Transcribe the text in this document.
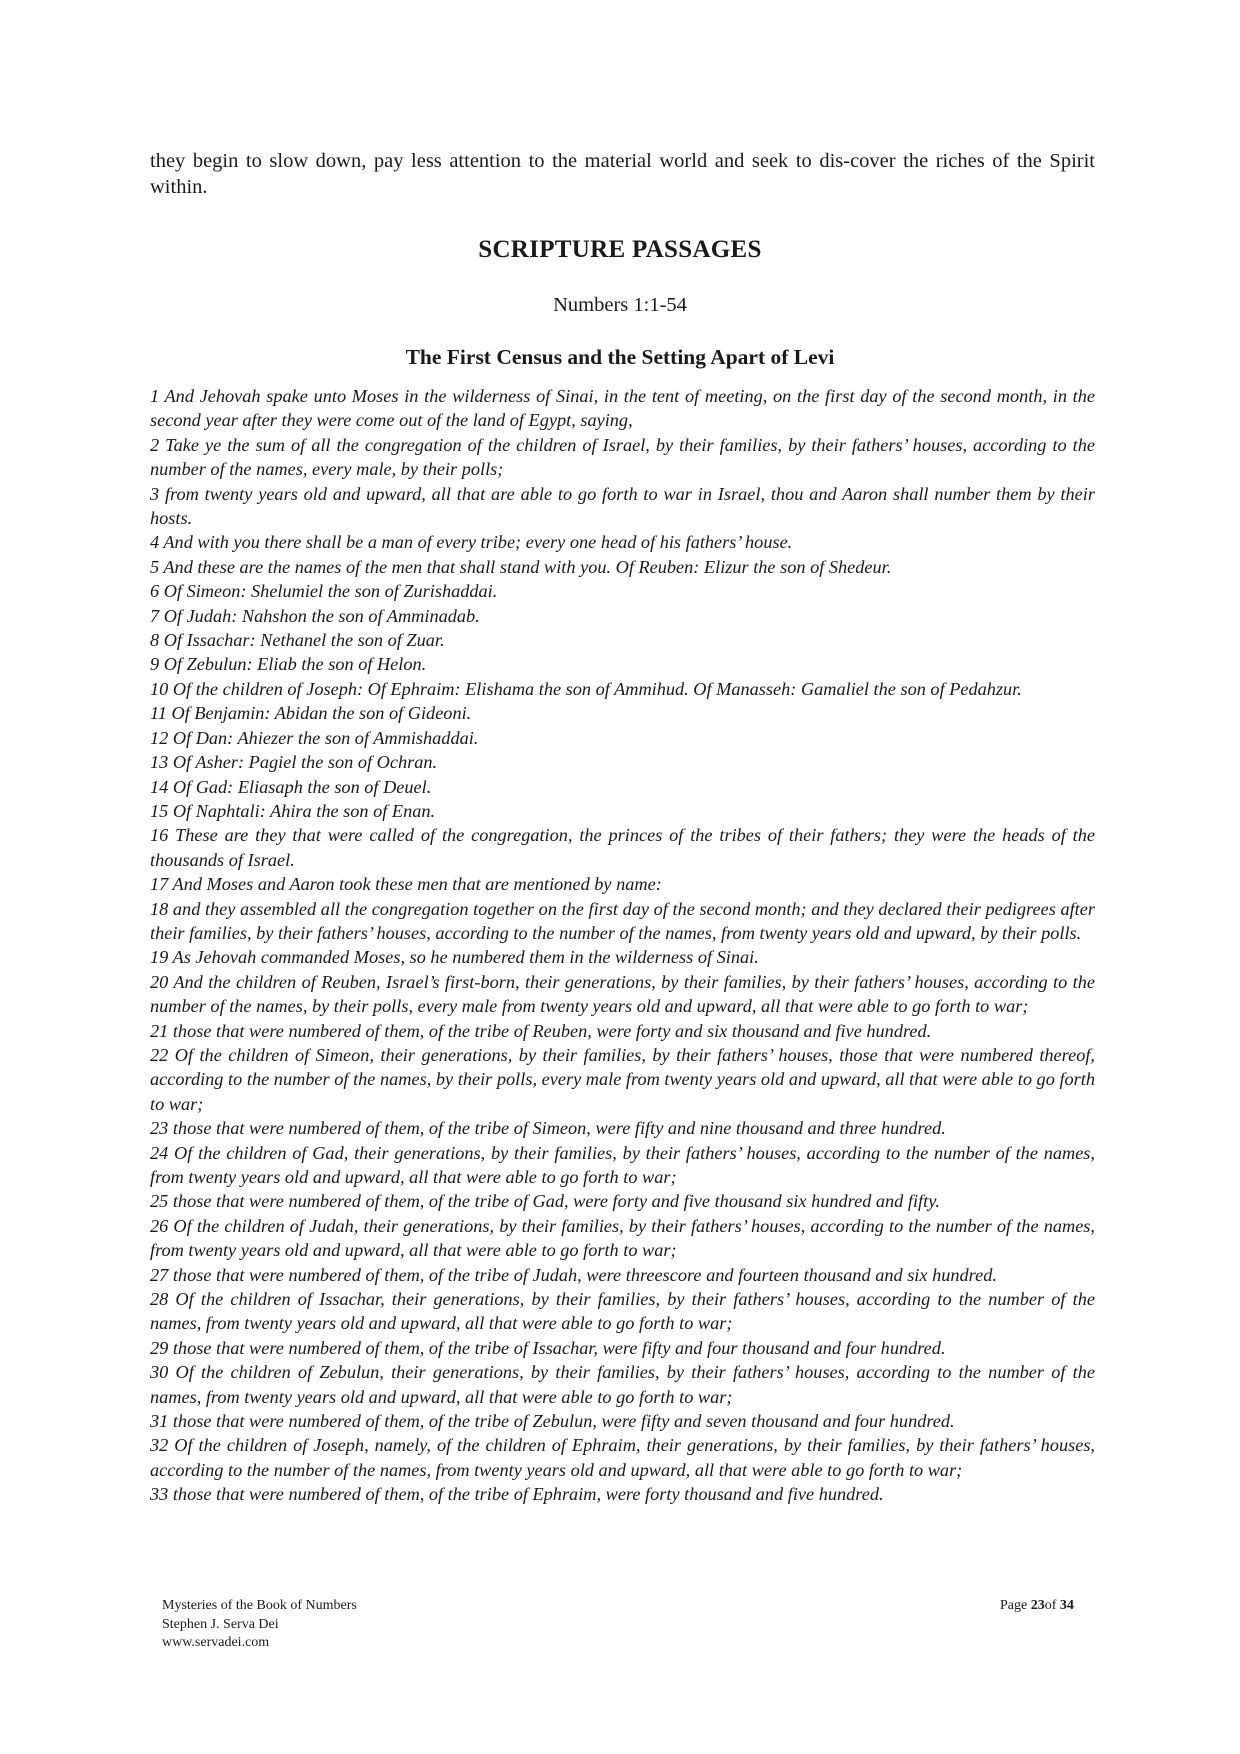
they begin to slow down, pay less attention to the material world and seek to dis-cover the riches of the Spirit within.

SCRIPTURE PASSAGES
Numbers 1:1-54
The First Census and the Setting Apart of Levi
1 And Jehovah spake unto Moses in the wilderness of Sinai, in the tent of meeting, on the first day of the second month, in the second year after they were come out of the land of Egypt, saying,
2 Take ye the sum of all the congregation of the children of Israel, by their families, by their fathers’ houses, according to the number of the names, every male, by their polls;
3 from twenty years old and upward, all that are able to go forth to war in Israel, thou and Aaron shall number them by their hosts.
4 And with you there shall be a man of every tribe; every one head of his fathers’ house.
5 And these are the names of the men that shall stand with you. Of Reuben: Elizur the son of Shedeur.
6 Of Simeon: Shelumiel the son of Zurishaddai.
7 Of Judah: Nahshon the son of Amminadab.
8 Of Issachar: Nethanel the son of Zuar.
9 Of Zebulun: Eliab the son of Helon.
10 Of the children of Joseph: Of Ephraim: Elishama the son of Ammihud. Of Manasseh: Gamaliel the son of Pedahzur.
11 Of Benjamin: Abidan the son of Gideoni.
12 Of Dan: Ahiezer the son of Ammishaddai.
13 Of Asher: Pagiel the son of Ochran.
14 Of Gad: Eliasaph the son of Deuel.
15 Of Naphtali: Ahira the son of Enan.
16 These are they that were called of the congregation, the princes of the tribes of their fathers; they were the heads of the thousands of Israel.
17 And Moses and Aaron took these men that are mentioned by name:
18 and they assembled all the congregation together on the first day of the second month; and they declared their pedigrees after their families, by their fathers’ houses, according to the number of the names, from twenty years old and upward, by their polls.
19 As Jehovah commanded Moses, so he numbered them in the wilderness of Sinai.
20 And the children of Reuben, Israel’s first-born, their generations, by their families, by their fathers’ houses, according to the number of the names, by their polls, every male from twenty years old and upward, all that were able to go forth to war;
21 those that were numbered of them, of the tribe of Reuben, were forty and six thousand and five hundred.
22 Of the children of Simeon, their generations, by their families, by their fathers’ houses, those that were numbered thereof, according to the number of the names, by their polls, every male from twenty years old and upward, all that were able to go forth to war;
23 those that were numbered of them, of the tribe of Simeon, were fifty and nine thousand and three hundred.
24 Of the children of Gad, their generations, by their families, by their fathers’ houses, according to the number of the names, from twenty years old and upward, all that were able to go forth to war;
25 those that were numbered of them, of the tribe of Gad, were forty and five thousand six hundred and fifty.
26 Of the children of Judah, their generations, by their families, by their fathers’ houses, according to the number of the names, from twenty years old and upward, all that were able to go forth to war;
27 those that were numbered of them, of the tribe of Judah, were threescore and fourteen thousand and six hundred.
28 Of the children of Issachar, their generations, by their families, by their fathers’ houses, according to the number of the names, from twenty years old and upward, all that were able to go forth to war;
29 those that were numbered of them, of the tribe of Issachar, were fifty and four thousand and four hundred.
30 Of the children of Zebulun, their generations, by their families, by their fathers’ houses, according to the number of the names, from twenty years old and upward, all that were able to go forth to war;
31 those that were numbered of them, of the tribe of Zebulun, were fifty and seven thousand and four hundred.
32 Of the children of Joseph, namely, of the children of Ephraim, their generations, by their families, by their fathers’ houses, according to the number of the names, from twenty years old and upward, all that were able to go forth to war;
33 those that were numbered of them, of the tribe of Ephraim, were forty thousand and five hundred.
Mysteries of the Book of Numbers
Stephen J. Serva Dei
www.servadei.com
Page 23of 34
